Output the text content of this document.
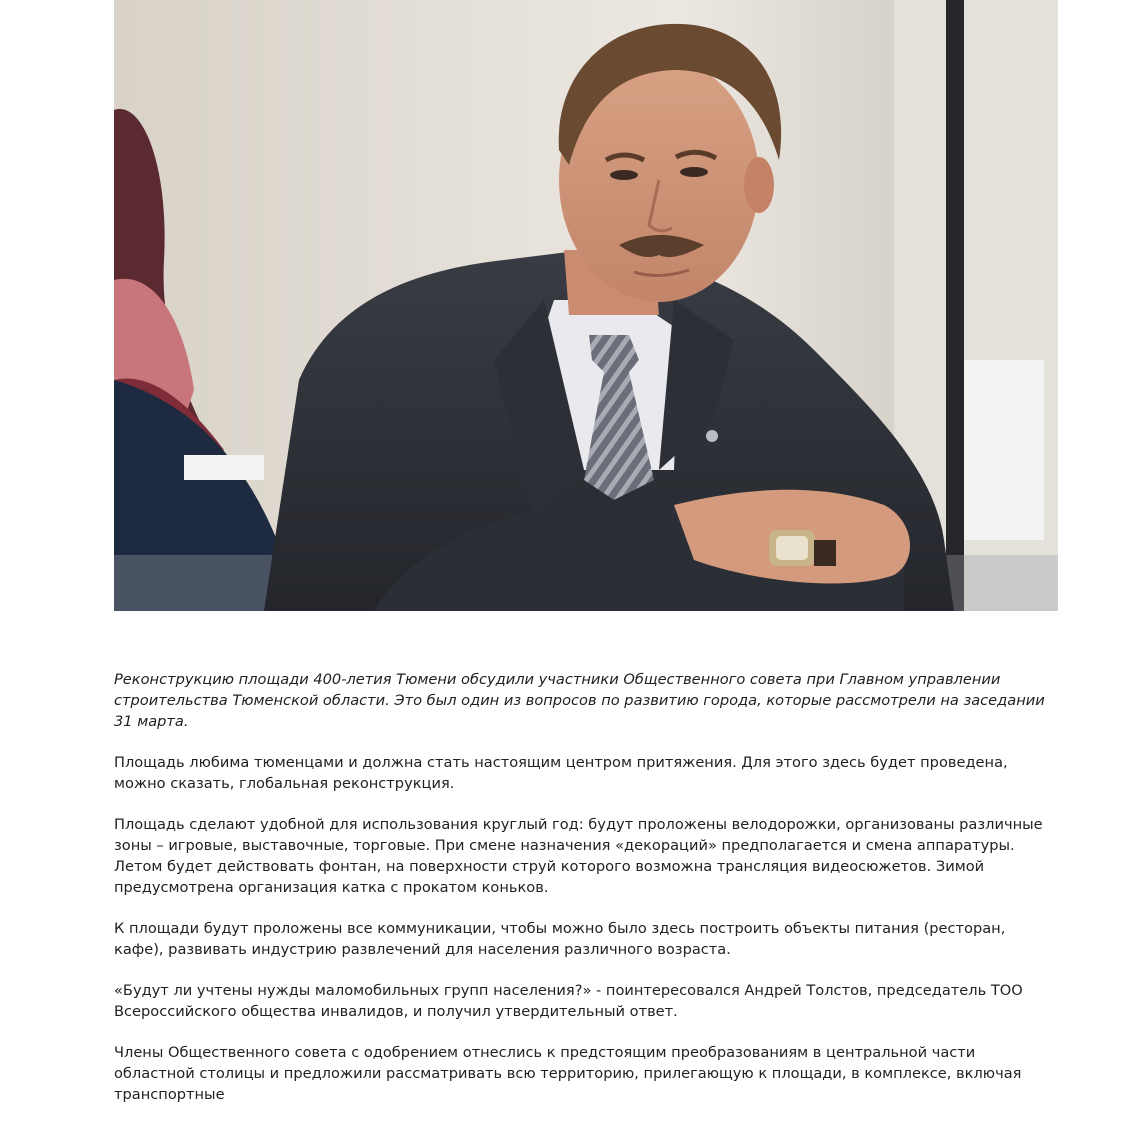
Реконструкцию площади 400-летия Тюмени обсудили участники Общественного совета при Главном управлении строительства Тюменской области. Это был один из вопросов по развитию города, которые рассмотрели на заседании 31 марта.

Площадь любима тюменцами и должна стать настоящим центром притяжения. Для этого здесь будет проведена, можно сказать, глобальная реконструкция.

Площадь сделают удобной для использования круглый год: будут проложены велодорожки, организованы различные зоны – игровые, выставочные, торговые. При смене назначения «декораций» предполагается и смена аппаратуры. Летом будет действовать фонтан, на поверхности струй которого возможна трансляция видеосюжетов. Зимой предусмотрена организация катка с прокатом коньков.

К площади будут проложены все коммуникации, чтобы можно было здесь построить объекты питания (ресторан, кафе), развивать индустрию развлечений для населения различного возраста.

«Будут ли учтены нужды маломобильных групп населения?» - поинтересовался Андрей Толстов, председатель ТОО Всероссийского общества инвалидов, и получил утвердительный ответ.

Члены Общественного совета с одобрением отнеслись к предстоящим преобразованиям в центральной части областной столицы и предложили рассматривать всю территорию, прилегающую к площади, в комплексе, включая транспортные
